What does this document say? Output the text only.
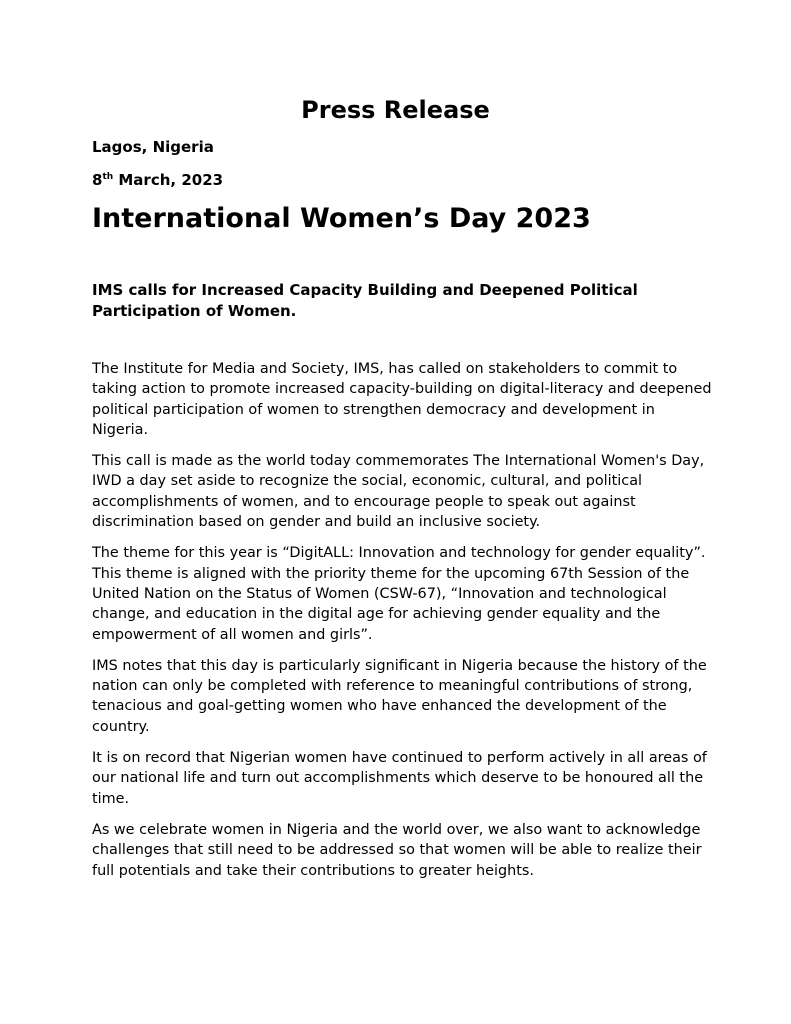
Press Release

Lagos, Nigeria

8th March, 2023

International Women’s Day 2023

IMS calls for Increased Capacity Building and Deepened Political Participation of Women.

The Institute for Media and Society, IMS, has called on stakeholders to commit to taking action to promote increased capacity-building on digital-literacy and deepened political participation of women to strengthen democracy and development in Nigeria.

This call is made as the world today commemorates The International Women's Day, IWD a day set aside to recognize the social, economic, cultural, and political accomplishments of women, and to encourage people to speak out against discrimination based on gender and build an inclusive society.

The theme for this year is “DigitALL: Innovation and technology for gender equality”. This theme is aligned with the priority theme for the upcoming 67th Session of the United Nation on the Status of Women (CSW-67), “Innovation and technological change, and education in the digital age for achieving gender equality and the empowerment of all women and girls”.

IMS notes that this day is particularly significant in Nigeria because the history of the nation can only be completed with reference to meaningful contributions of strong, tenacious and goal-getting women who have enhanced the development of the country.

It is on record that Nigerian women have continued to perform actively in all areas of our national life and turn out accomplishments which deserve to be honoured all the time.

As we celebrate women in Nigeria and the world over, we also want to acknowledge challenges that still need to be addressed so that women will be able to realize their full potentials and take their contributions to greater heights.
